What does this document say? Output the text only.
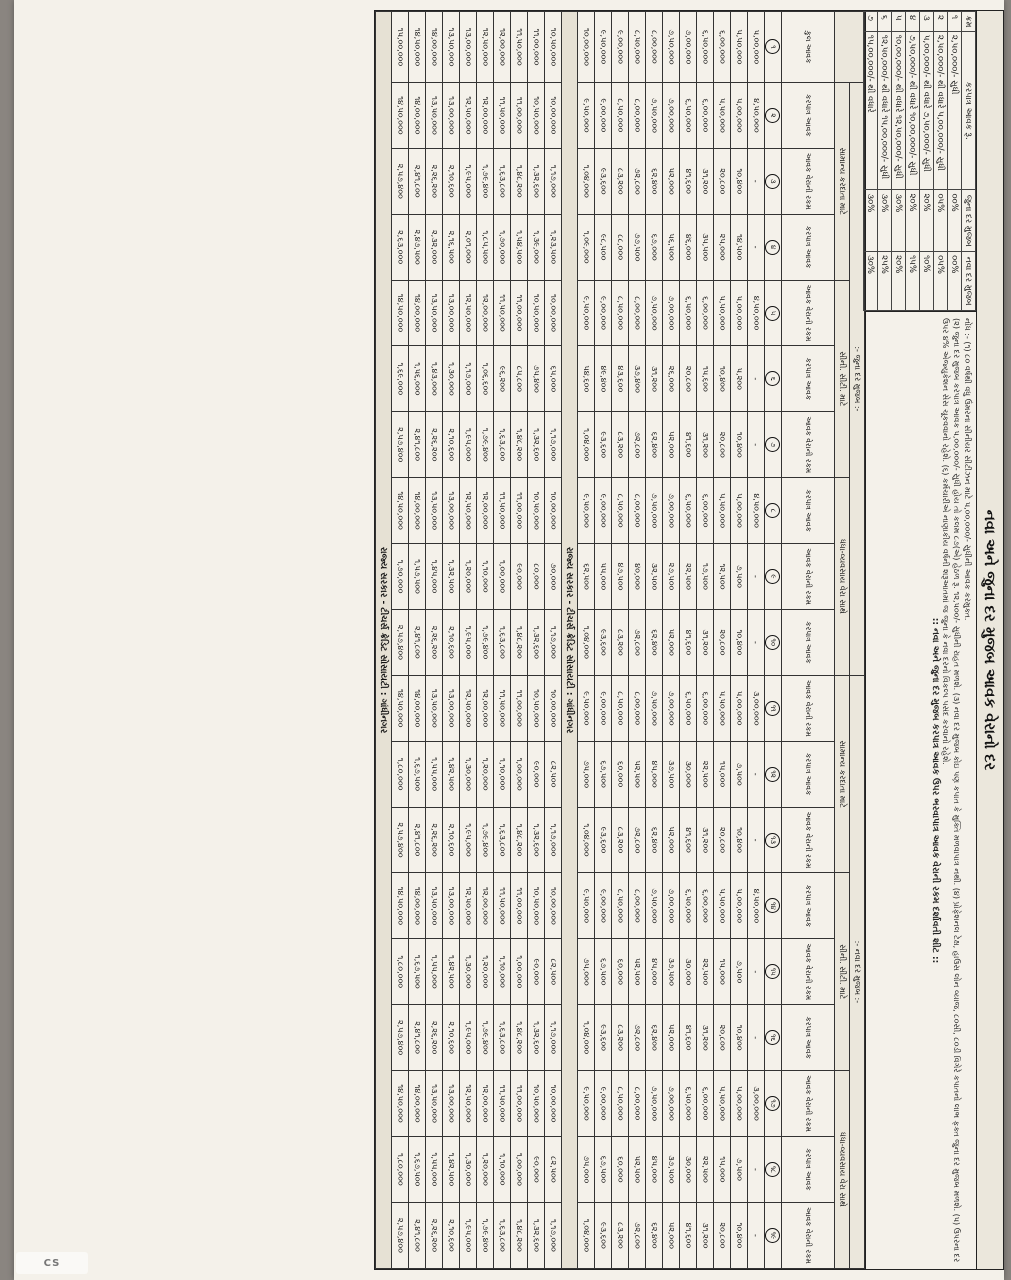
નવા અને જુના દર મુજબ આવક વેરાનો દર
ક્રમ	કરપાત્ર આવક રૂ.	જુના દર મુજબ	નવા દર મુજબ
૧	૨,૫૦,૦૦૦/- સુધી	૦૦%	૦૦%
૨	૨,૫૦,૦૦૦/- થી વધારે ૫,૦૦,૦૦૦/- સુધી	૦૫%	૦૫%
૩	૫,૦૦,૦૦૦/- થી વધારે ૭,૫૦,૦૦૦/- સુધી	૨૦%	૧૦%
૪	૭,૫૦,૦૦૦/- થી વધારે ૧૦,૦૦,૦૦૦/- સુધી	૨૦%	૧૫%
૫	૧૦,૦૦,૦૦૦/- થી વધારે ૧૨,૫૦,૦૦૦/- સુધી	૩૦%	૨૦%
૬	૧૨,૫૦,૦૦૦/- થી વધારે ૧૫,૦૦,૦૦૦/- સુધી	૩૦%	૨૫%
૭	૧૫,૦૦,૦૦૦/- થી વધારે	૩૦%	૩૦%
નોંધ :- (૧) ૮૦ વર્ષથી વધુ ઉંમરના સીનીયર સીટીઝન માટે ૫,૦૦,૦૦૦/- સુધીની આવક કરમુક્ત.
(૨) જુના દર મુજબ કરપાત્ર આવક ૫,૦૦,૦૦૦/- સુધી હોય તો કલમ ૮૭(એ) હેઠળ રૂ. ૧૨,૫૦૦/- સુધીની રાહત મળશે. (૩) નવા દર મુજબ કોઇ પણ કપાત કે મુક્તિ મળવાપાત્ર નથી. (૪) પ્રોફેશનલ ટેક્ષ, હાઉસ લોન વ્યાજ, ૮૦સી, ૮૦ડી વિગેરે કપાતનો લાભ ફક્ત જુના દર મુજબ મળશે. (૫) ઉપરના દર ઉપર ૪% એજ્યુકેશન સેસ ચૂકવવાનો રહેશે. (૬) કર્મચારીએ નાણાકીય વર્ષની શરૂઆતમાં જ જુના કે નવા દરનો વિકલ્પ પસંદ કરવાનો રહેશે.
:: નવા અને જુના દર મુજબ કરપાત્ર આવક ઉપર ભરવાપાત્ર આવક વેરાની રકમ દર્શાવતી શીટ ::
	:- જુના દર મુજબ :-									:- નવા દર મુજબ :-								
	સામાન્ય કરદાતા માટે			સીની. સીટી. માટે			ધંધા-વ્યવસાય વેરા સાથે			સામાન્ય કરદાતા માટે			સીની. સીટી. માટે			ધંધા-વ્યવસાય વેરા સાથે		
કુલ આવક	કરપાત્ર આવક	આવક વેરાની રકમ	કરપાત્ર આવક	આવક વેરાની રકમ	કરપાત્ર આવક	આવક વેરાની રકમ	કરપાત્ર આવક	આવક વેરાની રકમ	કરપાત્ર આવક	આવક વેરાની રકમ	કરપાત્ર આવક	આવક વેરાની રકમ	કરપાત્ર આવક	આવક વેરાની રકમ	કરપાત્ર આવક	આવક વેરાની રકમ	કરપાત્ર આવક	આવક વેરાની રકમ
૧	૨	૩	૪	૫	૬	૭	૮	૯	૧૦	૧૧	૧૨	૧૩	૧૪	૧૫	૧૬	૧૭	૧૮	૧૯
૫,૦૦,૦૦૦	૪,૫૦,૦૦૦	-	-	૪,૫૦,૦૦૦	-	-	૪,૫૦,૦૦૦	-	-	૩,૦૦,૦૦૦	-	-	૪,૫૦,૦૦૦	-	-	૩,૦૦,૦૦૦	-	-
૫,૫૦,૦૦૦	૫,૦૦,૦૦૦	૧૦,૪૦૦	૧૪,૫૦૦	૫,૦૦,૦૦૦	૫,૨૦૦	૧૦,૪૦૦	૫,૦૦,૦૦૦	૭,૫૦૦	૧૦,૪૦૦	૫,૦૦,૦૦૦	૭,૫૦૦	૧૦,૪૦૦	૫,૦૦,૦૦૦	૭,૫૦૦	૧૦,૪૦૦	૫,૦૦,૦૦૦	૭,૫૦૦	૧૦,૪૦૦
૬,૦૦,૦૦૦	૫,૫૦,૦૦૦	૨૦,૮૦૦	૨૫,૦૦૦	૫,૫૦,૦૦૦	૧૦,૪૦૦	૨૦,૮૦૦	૫,૫૦,૦૦૦	૧૨,૫૦૦	૨૦,૮૦૦	૫,૫૦,૦૦૦	૧૫,૦૦૦	૨૦,૮૦૦	૫,૫૦,૦૦૦	૧૫,૦૦૦	૨૦,૮૦૦	૫,૫૦,૦૦૦	૧૫,૦૦૦	૨૦,૮૦૦
૬,૫૦,૦૦૦	૬,૦૦,૦૦૦	૩૧,૨૦૦	૩૫,૫૦૦	૬,૦૦,૦૦૦	૧૫,૬૦૦	૩૧,૨૦૦	૬,૦૦,૦૦૦	૧૭,૫૦૦	૩૧,૨૦૦	૬,૦૦,૦૦૦	૨૨,૫૦૦	૩૧,૨૦૦	૬,૦૦,૦૦૦	૨૨,૫૦૦	૩૧,૨૦૦	૬,૦૦,૦૦૦	૨૨,૫૦૦	૩૧,૨૦૦
૭,૦૦,૦૦૦	૬,૫૦,૦૦૦	૪૧,૬૦૦	૪૬,૦૦૦	૬,૫૦,૦૦૦	૨૦,૮૦૦	૪૧,૬૦૦	૬,૫૦,૦૦૦	૨૨,૫૦૦	૪૧,૬૦૦	૬,૫૦,૦૦૦	૩૦,૦૦૦	૪૧,૬૦૦	૬,૫૦,૦૦૦	૩૦,૦૦૦	૪૧,૬૦૦	૬,૫૦,૦૦૦	૩૦,૦૦૦	૪૧,૬૦૦
૭,૫૦,૦૦૦	૭,૦૦,૦૦૦	૫૨,૦૦૦	૫૬,૫૦૦	૭,૦૦,૦૦૦	૨૬,૦૦૦	૫૨,૦૦૦	૭,૦૦,૦૦૦	૨૭,૫૦૦	૫૨,૦૦૦	૭,૦૦,૦૦૦	૩૭,૫૦૦	૫૨,૦૦૦	૭,૦૦,૦૦૦	૩૭,૫૦૦	૫૨,૦૦૦	૭,૦૦,૦૦૦	૩૭,૫૦૦	૫૨,૦૦૦
૮,૦૦,૦૦૦	૭,૫૦,૦૦૦	૬૨,૪૦૦	૬૭,૦૦૦	૭,૫૦,૦૦૦	૩૧,૨૦૦	૬૨,૪૦૦	૭,૫૦,૦૦૦	૩૨,૫૦૦	૬૨,૪૦૦	૭,૫૦,૦૦૦	૪૫,૦૦૦	૬૨,૪૦૦	૭,૫૦,૦૦૦	૪૫,૦૦૦	૬૨,૪૦૦	૭,૫૦,૦૦૦	૪૫,૦૦૦	૬૨,૪૦૦
૮,૫૦,૦૦૦	૮,૦૦,૦૦૦	૭૨,૮૦૦	૭૭,૫૦૦	૮,૦૦,૦૦૦	૩૭,૪૦૦	૭૨,૮૦૦	૮,૦૦,૦૦૦	૪૦,૦૦૦	૭૨,૮૦૦	૮,૦૦,૦૦૦	૫૨,૫૦૦	૭૨,૮૦૦	૮,૦૦,૦૦૦	૫૨,૫૦૦	૭૨,૮૦૦	૮,૦૦,૦૦૦	૫૨,૫૦૦	૭૨,૮૦૦
૯,૦૦,૦૦૦	૮,૫૦,૦૦૦	૮૩,૨૦૦	૮૮,૦૦૦	૮,૫૦,૦૦૦	૪૩,૬૦૦	૮૩,૨૦૦	૮,૫૦,૦૦૦	૪૭,૫૦૦	૮૩,૨૦૦	૮,૫૦,૦૦૦	૬૦,૦૦૦	૮૩,૨૦૦	૮,૫૦,૦૦૦	૬૦,૦૦૦	૮૩,૨૦૦	૮,૫૦,૦૦૦	૬૦,૦૦૦	૮૩,૨૦૦
૯,૫૦,૦૦૦	૯,૦૦,૦૦૦	૯૩,૬૦૦	૯૮,૫૦૦	૯,૦૦,૦૦૦	૪૯,૪૦૦	૯૩,૬૦૦	૯,૦૦,૦૦૦	૫૫,૦૦૦	૯૩,૬૦૦	૯,૦૦,૦૦૦	૬૭,૫૦૦	૯૩,૬૦૦	૯,૦૦,૦૦૦	૬૭,૫૦૦	૯૩,૬૦૦	૯,૦૦,૦૦૦	૬૭,૫૦૦	૯૩,૬૦૦
૧૦,૦૦,૦૦૦	૯,૫૦,૦૦૦	૧,૦૪,૦૦૦	૧,૦૯,૦૦૦	૯,૫૦,૦૦૦	૫૪,૬૦૦	૧,૦૪,૦૦૦	૯,૫૦,૦૦૦	૬૨,૫૦૦	૧,૦૪,૦૦૦	૯,૫૦,૦૦૦	૭૫,૦૦૦	૧,૦૪,૦૦૦	૯,૫૦,૦૦૦	૭૫,૦૦૦	૧,૦૪,૦૦૦	૯,૫૦,૦૦૦	૭૫,૦૦૦	૧,૦૪,૦૦૦
રાજ્ય સરકાર - ટીચર્સ ક્રેડિટ સોસાયટી : ગાંધીનગર																		
૧૦,૫૦,૦૦૦	૧૦,૦૦,૦૦૦	૧,૧૭,૦૦૦	૧,૨૩,૫૦૦	૧૦,૦૦,૦૦૦	૬૫,૦૦૦	૧,૧૭,૦૦૦	૧૦,૦૦,૦૦૦	૭૦,૦૦૦	૧,૧૭,૦૦૦	૧૦,૦૦,૦૦૦	૮૨,૫૦૦	૧,૧૭,૦૦૦	૧૦,૦૦,૦૦૦	૮૨,૫૦૦	૧,૧૭,૦૦૦	૧૦,૦૦,૦૦૦	૮૨,૫૦૦	૧,૧૭,૦૦૦
૧૧,૦૦,૦૦૦	૧૦,૫૦,૦૦૦	૧,૩૨,૬૦૦	૧,૩૯,૦૦૦	૧૦,૫૦,૦૦૦	૭૫,૪૦૦	૧,૩૨,૬૦૦	૧૦,૫૦,૦૦૦	૮૦,૦૦૦	૧,૩૨,૬૦૦	૧૦,૫૦,૦૦૦	૯૦,૦૦૦	૧,૩૨,૬૦૦	૧૦,૫૦,૦૦૦	૯૦,૦૦૦	૧,૩૨,૬૦૦	૧૦,૫૦,૦૦૦	૯૦,૦૦૦	૧,૩૨,૬૦૦
૧૧,૫૦,૦૦૦	૧૧,૦૦,૦૦૦	૧,૪૮,૨૦૦	૧,૫૪,૫૦૦	૧૧,૦૦,૦૦૦	૮૫,૮૦૦	૧,૪૮,૨૦૦	૧૧,૦૦,૦૦૦	૯૦,૦૦૦	૧,૪૮,૨૦૦	૧૧,૦૦,૦૦૦	૧,૦૦,૦૦૦	૧,૪૮,૨૦૦	૧૧,૦૦,૦૦૦	૧,૦૦,૦૦૦	૧,૪૮,૨૦૦	૧૧,૦૦,૦૦૦	૧,૦૦,૦૦૦	૧,૪૮,૨૦૦
૧૨,૦૦,૦૦૦	૧૧,૫૦,૦૦૦	૧,૬૩,૮૦૦	૧,૭૦,૦૦૦	૧૧,૫૦,૦૦૦	૯૬,૨૦૦	૧,૬૩,૮૦૦	૧૧,૫૦,૦૦૦	૧,૦૦,૦૦૦	૧,૬૩,૮૦૦	૧૧,૫૦,૦૦૦	૧,૧૦,૦૦૦	૧,૬૩,૮૦૦	૧૧,૫૦,૦૦૦	૧,૧૦,૦૦૦	૧,૬૩,૮૦૦	૧૧,૫૦,૦૦૦	૧,૧૦,૦૦૦	૧,૬૩,૮૦૦
૧૨,૫૦,૦૦૦	૧૨,૦૦,૦૦૦	૧,૭૯,૪૦૦	૧,૮૫,૫૦૦	૧૨,૦૦,૦૦૦	૧,૦૬,૬૦૦	૧,૭૯,૪૦૦	૧૨,૦૦,૦૦૦	૧,૧૦,૦૦૦	૧,૭૯,૪૦૦	૧૨,૦૦,૦૦૦	૧,૨૦,૦૦૦	૧,૭૯,૪૦૦	૧૨,૦૦,૦૦૦	૧,૨૦,૦૦૦	૧,૭૯,૪૦૦	૧૨,૦૦,૦૦૦	૧,૨૦,૦૦૦	૧,૭૯,૪૦૦
૧૩,૦૦,૦૦૦	૧૨,૫૦,૦૦૦	૧,૯૫,૦૦૦	૨,૦૧,૦૦૦	૧૨,૫૦,૦૦૦	૧,૧૭,૦૦૦	૧,૯૫,૦૦૦	૧૨,૫૦,૦૦૦	૧,૨૦,૦૦૦	૧,૯૫,૦૦૦	૧૨,૫૦,૦૦૦	૧,૩૦,૦૦૦	૧,૯૫,૦૦૦	૧૨,૫૦,૦૦૦	૧,૩૦,૦૦૦	૧,૯૫,૦૦૦	૧૨,૫૦,૦૦૦	૧,૩૦,૦૦૦	૧,૯૫,૦૦૦
૧૩,૫૦,૦૦૦	૧૩,૦૦,૦૦૦	૨,૧૦,૬૦૦	૨,૧૬,૫૦૦	૧૩,૦૦,૦૦૦	૧,૩૦,૦૦૦	૨,૧૦,૬૦૦	૧૩,૦૦,૦૦૦	૧,૩૨,૫૦૦	૨,૧૦,૬૦૦	૧૩,૦૦,૦૦૦	૧,૪૨,૫૦૦	૨,૧૦,૬૦૦	૧૩,૦૦,૦૦૦	૧,૪૨,૫૦૦	૨,૧૦,૬૦૦	૧૩,૦૦,૦૦૦	૧,૪૨,૫૦૦	૨,૧૦,૬૦૦
૧૪,૦૦,૦૦૦	૧૩,૫૦,૦૦૦	૨,૨૬,૨૦૦	૨,૩૨,૦૦૦	૧૩,૫૦,૦૦૦	૧,૪૩,૦૦૦	૨,૨૬,૨૦૦	૧૩,૫૦,૦૦૦	૧,૪૫,૦૦૦	૨,૨૬,૨૦૦	૧૩,૫૦,૦૦૦	૧,૫૫,૦૦૦	૨,૨૬,૨૦૦	૧૩,૫૦,૦૦૦	૧,૫૫,૦૦૦	૨,૨૬,૨૦૦	૧૩,૫૦,૦૦૦	૧,૫૫,૦૦૦	૨,૨૬,૨૦૦
૧૪,૫૦,૦૦૦	૧૪,૦૦,૦૦૦	૨,૪૧,૮૦૦	૨,૪૭,૫૦૦	૧૪,૦૦,૦૦૦	૧,૫૬,૦૦૦	૨,૪૧,૮૦૦	૧૪,૦૦,૦૦૦	૧,૫૭,૫૦૦	૨,૪૧,૮૦૦	૧૪,૦૦,૦૦૦	૧,૬૭,૫૦૦	૨,૪૧,૮૦૦	૧૪,૦૦,૦૦૦	૧,૬૭,૫૦૦	૨,૪૧,૮૦૦	૧૪,૦૦,૦૦૦	૧,૬૭,૫૦૦	૨,૪૧,૮૦૦
૧૫,૦૦,૦૦૦	૧૪,૫૦,૦૦૦	૨,૫૭,૪૦૦	૨,૬૩,૦૦૦	૧૪,૫૦,૦૦૦	૧,૬૯,૦૦૦	૨,૫૭,૪૦૦	૧૪,૫૦,૦૦૦	૧,૭૦,૦૦૦	૨,૫૭,૪૦૦	૧૪,૫૦,૦૦૦	૧,૮૦,૦૦૦	૨,૫૭,૪૦૦	૧૪,૫૦,૦૦૦	૧,૮૦,૦૦૦	૨,૫૭,૪૦૦	૧૪,૫૦,૦૦૦	૧,૮૦,૦૦૦	૨,૫૭,૪૦૦
રાજ્ય સરકાર - ટીચર્સ ક્રેડિટ સોસાયટી : ગાંધીનગર																		
CS
